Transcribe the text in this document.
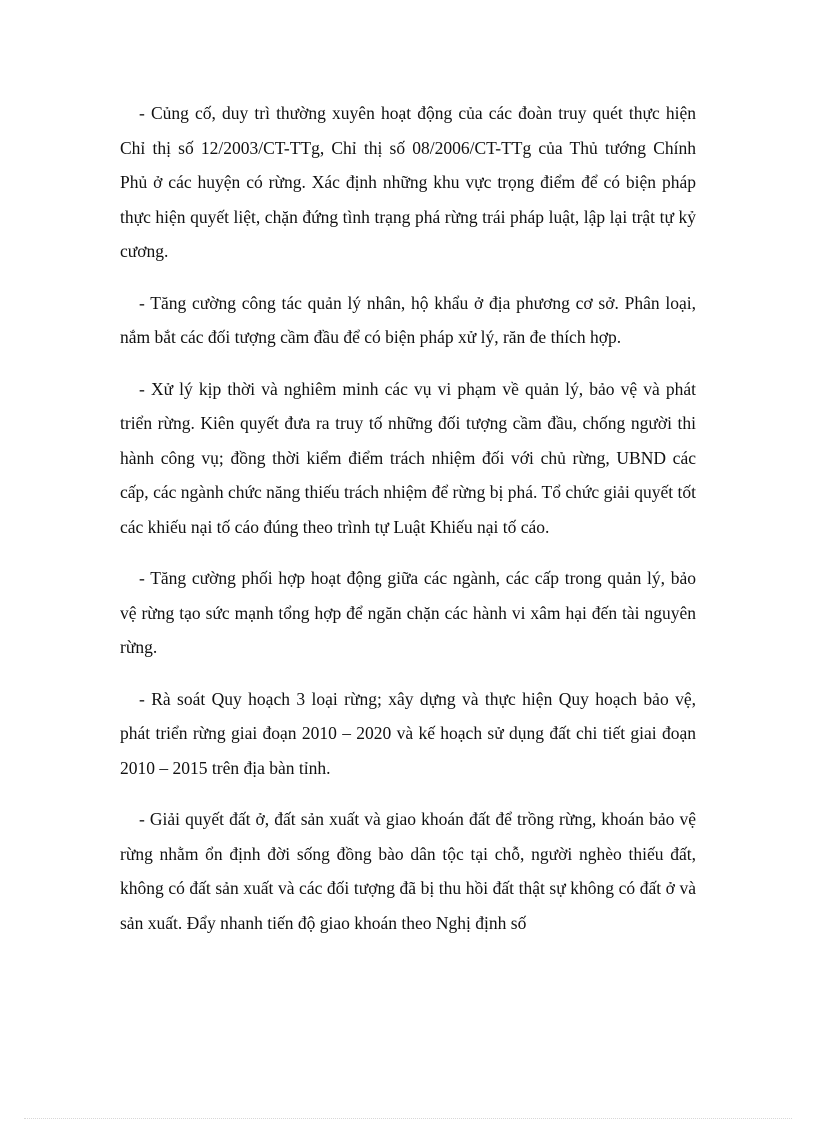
- Củng cố, duy trì thường xuyên hoạt động của các đoàn truy quét thực hiện Chỉ thị số 12/2003/CT-TTg, Chỉ thị số 08/2006/CT-TTg của Thủ tướng Chính Phủ ở các huyện có rừng. Xác định những khu vực trọng điểm để có biện pháp thực hiện quyết liệt, chặn đứng tình trạng phá rừng trái pháp luật, lập lại trật tự kỷ cương.

- Tăng cường công tác quản lý nhân, hộ khẩu ở địa phương cơ sở. Phân loại, nắm bắt các đối tượng cầm đầu để có biện pháp xử lý, răn đe thích hợp.

- Xử lý kịp thời và nghiêm minh các vụ vi phạm về quản lý, bảo vệ và phát triển rừng. Kiên quyết đưa ra truy tố những đối tượng cầm đầu, chống người thi hành công vụ; đồng thời kiểm điểm trách nhiệm đối với chủ rừng, UBND các cấp, các ngành chức năng thiếu trách nhiệm để rừng bị phá. Tổ chức giải quyết tốt các khiếu nại tố cáo đúng theo trình tự Luật Khiếu nại tố cáo.

- Tăng cường phối hợp hoạt động giữa các ngành, các cấp trong quản lý, bảo vệ rừng tạo sức mạnh tổng hợp để ngăn chặn các hành vi xâm hại đến tài nguyên rừng.

- Rà soát Quy hoạch 3 loại rừng; xây dựng và thực hiện Quy hoạch bảo vệ, phát triển rừng giai đoạn 2010 – 2020 và kế hoạch sử dụng đất chi tiết giai đoạn 2010 – 2015 trên địa bàn tỉnh.

- Giải quyết đất ở, đất sản xuất và giao khoán đất để trồng rừng, khoán bảo vệ rừng nhằm ổn định đời sống đồng bào dân tộc tại chỗ, người nghèo thiếu đất, không có đất sản xuất và các đối tượng đã bị thu hồi đất thật sự không có đất ở và sản xuất. Đẩy nhanh tiến độ giao khoán theo Nghị định số
